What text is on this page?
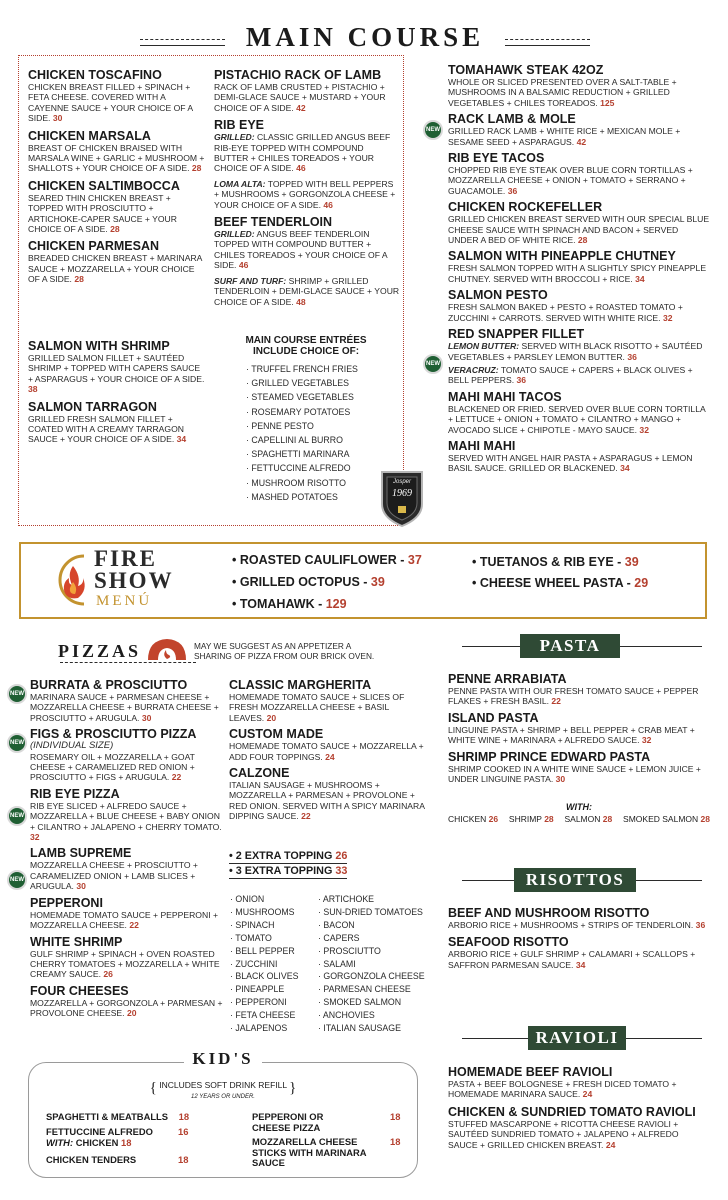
MAIN COURSE
CHICKEN TOSCAFINO
CHICKEN BREAST FILLED + SPINACH + FETA CHEESE. COVERED WITH A CAYENNE SAUCE + YOUR CHOICE OF A SIDE. 30
CHICKEN MARSALA
BREAST OF CHICKEN BRAISED WITH MARSALA WINE + GARLIC + MUSHROOM + SHALLOTS + YOUR CHOICE OF A SIDE. 28
CHICKEN SALTIMBOCCA
SEARED THIN CHICKEN BREAST + TOPPED WITH PROSCIUTTO + ARTICHOKE-CAPER SAUCE + YOUR CHOICE OF A SIDE. 28
CHICKEN PARMESAN
BREADED CHICKEN BREAST + MARINARA SAUCE + MOZZARELLA + YOUR CHOICE OF A SIDE. 28
SALMON WITH SHRIMP
GRILLED SALMON FILLET + SAUTÉED SHRIMP + TOPPED WITH CAPERS SAUCE + ASPARAGUS + YOUR CHOICE OF A SIDE. 38
SALMON TARRAGON
GRILLED FRESH SALMON FILLET + COATED WITH A CREAMY TARRAGON SAUCE + YOUR CHOICE OF A SIDE. 34
PISTACHIO RACK OF LAMB
RACK OF LAMB CRUSTED + PISTACHIO + DEMI-GLACE SAUCE + MUSTARD + YOUR CHOICE OF A SIDE. 42
RIB EYE
GRILLED: CLASSIC GRILLED ANGUS BEEF RIB-EYE TOPPED WITH COMPOUND BUTTER + CHILES TOREADOS + YOUR CHOICE OF A SIDE. 46
LOMA ALTA: TOPPED WITH BELL PEPPERS + MUSHROOMS + GORGONZOLA CHEESE + YOUR CHOICE OF A SIDE. 46
BEEF TENDERLOIN
GRILLED: ANGUS BEEF TENDERLOIN TOPPED WITH COMPOUND BUTTER + CHILES TOREADOS + YOUR CHOICE OF A SIDE. 46
SURF AND TURF: SHRIMP + GRILLED TENDERLOIN + DEMI-GLACE SAUCE + YOUR CHOICE OF A SIDE. 48
MAIN COURSE ENTRÉES INCLUDE CHOICE OF:
· TRUFFEL FRENCH FRIES
· GRILLED VEGETABLES
· STEAMED VEGETABLES
· ROSEMARY POTATOES
· PENNE PESTO
· CAPELLINI AL BURRO
· SPAGHETTI MARINARA
· FETTUCCINE ALFREDO
· MUSHROOM RISOTTO
· MASHED POTATOES
Josper
1969
TOMAHAWK STEAK 42OZ
WHOLE OR SLICED PRESENTED OVER A SALT-TABLE + MUSHROOMS IN A BALSAMIC REDUCTION + GRILLED VEGETABLES + CHILES TOREADOS. 125
RACK LAMB & MOLE
GRILLED RACK LAMB + WHITE RICE + MEXICAN MOLE + SESAME SEED + ASPARAGUS. 42
RIB EYE TACOS
CHOPPED RIB EYE STEAK OVER BLUE CORN TORTILLAS + MOZZARELLA CHEESE + ONION + TOMATO + SERRANO + GUACAMOLE. 36
CHICKEN ROCKEFELLER
GRILLED CHICKEN BREAST SERVED WITH OUR SPECIAL BLUE CHEESE SAUCE WITH SPINACH AND BACON + SERVED UNDER A BED OF WHITE RICE. 28
SALMON WITH PINEAPPLE CHUTNEY
FRESH SALMON TOPPED WITH A SLIGHTLY SPICY PINEAPPLE CHUTNEY. SERVED WITH BROCCOLI + RICE. 34
SALMON PESTO
FRESH SALMON BAKED + PESTO + ROASTED TOMATO + ZUCCHINI + CARROTS. SERVED WITH WHITE RICE. 32
RED SNAPPER FILLET
LEMON BUTTER: SERVED WITH BLACK RISOTTO + SAUTÉED VEGETABLES + PARSLEY LEMON BUTTER. 36
VERACRUZ: TOMATO SAUCE + CAPERS + BLACK OLIVES + BELL PEPPERS. 36
MAHI MAHI TACOS
BLACKENED OR FRIED. SERVED OVER BLUE CORN TORTILLA + LETTUCE + ONION + TOMATO + CILANTRO + MANGO + AVOCADO SLICE + CHIPOTLE - MAYO SAUCE. 32
MAHI MAHI
SERVED WITH ANGEL HAIR PASTA + ASPARAGUS + LEMON BASIL SAUCE. GRILLED OR BLACKENED. 34
NEW
NEW
FIRE
SHOW
MENÚ
• ROASTED CAULIFLOWER - 37	• TUETANOS & RIB EYE - 39
• GRILLED OCTOPUS - 39	• CHEESE WHEEL PASTA - 29
• TOMAHAWK - 129
PIZZAS	MAY WE SUGGEST AS AN APPETIZER A SHARING OF PIZZA FROM OUR BRICK OVEN.
BURRATA & PROSCIUTTO
MARINARA SAUCE + PARMESAN CHEESE + MOZZARELLA CHEESE + BURRATA CHEESE + PROSCIUTTO + ARUGULA. 30
FIGS & PROSCIUTTO PIZZA
(INDIVIDUAL SIZE)
ROSEMARY OIL + MOZZARELLA + GOAT CHEESE + CARAMELIZED RED ONION + PROSCIUTTO + FIGS + ARUGULA. 22
RIB EYE PIZZA
RIB EYE SLICED + ALFREDO SAUCE + MOZZARELLA + BLUE CHEESE + BABY ONION + CILANTRO + JALAPENO + CHERRY TOMATO. 32
LAMB SUPREME
MOZZARELLA CHEESE + PROSCIUTTO + CARAMELIZED ONION + LAMB SLICES + ARUGULA. 30
PEPPERONI
HOMEMADE TOMATO SAUCE + PEPPERONI + MOZZARELLA CHEESE. 22
WHITE SHRIMP
GULF SHRIMP + SPINACH + OVEN ROASTED CHERRY TOMATOES + MOZZARELLA + WHITE CREAMY SAUCE. 26
FOUR CHEESES
MOZZARELLA + GORGONZOLA + PARMESAN + PROVOLONE CHEESE. 20
NEW
NEW
NEW
NEW
CLASSIC MARGHERITA
HOMEMADE TOMATO SAUCE + SLICES OF FRESH MOZZARELLA CHEESE + BASIL LEAVES. 20
CUSTOM MADE
HOMEMADE TOMATO SAUCE + MOZZARELLA + ADD FOUR TOPPINGS. 24
CALZONE
ITALIAN SAUSAGE + MUSHROOMS + MOZZARELLA + PARMESAN + PROVOLONE + RED ONION. SERVED WITH A SPICY MARINARA DIPPING SAUCE. 22
• 2 EXTRA TOPPING 26
• 3 EXTRA TOPPING 33
· ONION
· MUSHROOMS
· SPINACH
· TOMATO
· BELL PEPPER
· ZUCCHINI
· BLACK OLIVES
· PINEAPPLE
· PEPPERONI
· FETA CHEESE
· JALAPENOS
· ARTICHOKE
· SUN-DRIED TOMATOES
· BACON
· CAPERS
· PROSCIUTTO
· SALAMI
· GORGONZOLA CHEESE
· PARMESAN CHEESE
· SMOKED SALMON
· ANCHOVIES
· ITALIAN SAUSAGE
PASTA
PENNE ARRABIATA
PENNE PASTA WITH OUR FRESH TOMATO SAUCE + PEPPER FLAKES + FRESH BASIL. 22
ISLAND PASTA
LINGUINE PASTA + SHRIMP + BELL PEPPER + CRAB MEAT + WHITE WINE + MARINARA + ALFREDO SAUCE. 32
SHRIMP PRINCE EDWARD PASTA
SHRIMP COOKED IN A WHITE WINE SAUCE + LEMON JUICE + UNDER LINGUINE PASTA. 30
WITH:
CHICKEN 26 SHRIMP 28 SALMON 28 SMOKED SALMON 28
RISOTTOS
BEEF AND MUSHROOM RISOTTO
ARBORIO RICE + MUSHROOMS + STRIPS OF TENDERLOIN. 36
SEAFOOD RISOTTO
ARBORIO RICE + GULF SHRIMP + CALAMARI + SCALLOPS + SAFFRON PARMESAN SAUCE. 34
RAVIOLI
HOMEMADE BEEF RAVIOLI
PASTA + BEEF BOLOGNESE + FRESH DICED TOMATO + HOMEMADE MARINARA SAUCE. 24
CHICKEN & SUNDRIED TOMATO RAVIOLI
STUFFED MASCARPONE + RICOTTA CHEESE RAVIOLI + SAUTÉED SUNDRIED TOMATO + JALAPENO + ALFREDO SAUCE + GRILLED CHICKEN BREAST. 24
KID'S
{ INCLUDES SOFT DRINK REFILL }
12 YEARS OR UNDER.
SPAGHETTI & MEATBALLS 18
FETTUCCINE ALFREDO	16
WITH: CHICKEN 18
CHICKEN TENDERS	18
PEPPERONI OR CHEESE PIZZA
18
MOZZARELLA CHEESE STICKS WITH MARINARA SAUCE
18
